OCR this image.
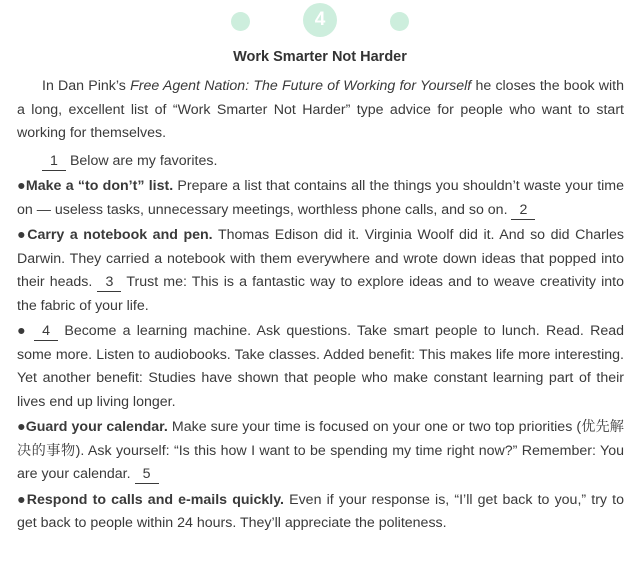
4
Work Smarter Not Harder

In Dan Pink’s Free Agent Nation: The Future of Working for Yourself he closes the book with a long, excellent list of “Work Smarter Not Harder” type advice for people who want to start working for themselves.

1 Below are my favorites.

●Make a “to don’t” list. Prepare a list that contains all the things you shouldn’t waste your time on — useless tasks, unnecessary meetings, worthless phone calls, and so on. 2

●Carry a notebook and pen. Thomas Edison did it. Virginia Woolf did it. And so did Charles Darwin. They carried a notebook with them everywhere and wrote down ideas that popped into their heads. 3 Trust me: This is a fantastic way to explore ideas and to weave creativity into the fabric of your life.

● 4 Become a learning machine. Ask questions. Take smart people to lunch. Read. Read some more. Listen to audiobooks. Take classes. Added benefit: This makes life more interesting. Yet another benefit: Studies have shown that people who make constant learning part of their lives end up living longer.

●Guard your calendar. Make sure your time is focused on your one or two top priorities (优先解决的事物). Ask yourself: “Is this how I want to be spending my time right now?” Remember: You are your calendar. 5

●Respond to calls and e-mails quickly. Even if your response is, “I’ll get back to you,” try to get back to people within 24 hours. They’ll appreciate the politeness.
